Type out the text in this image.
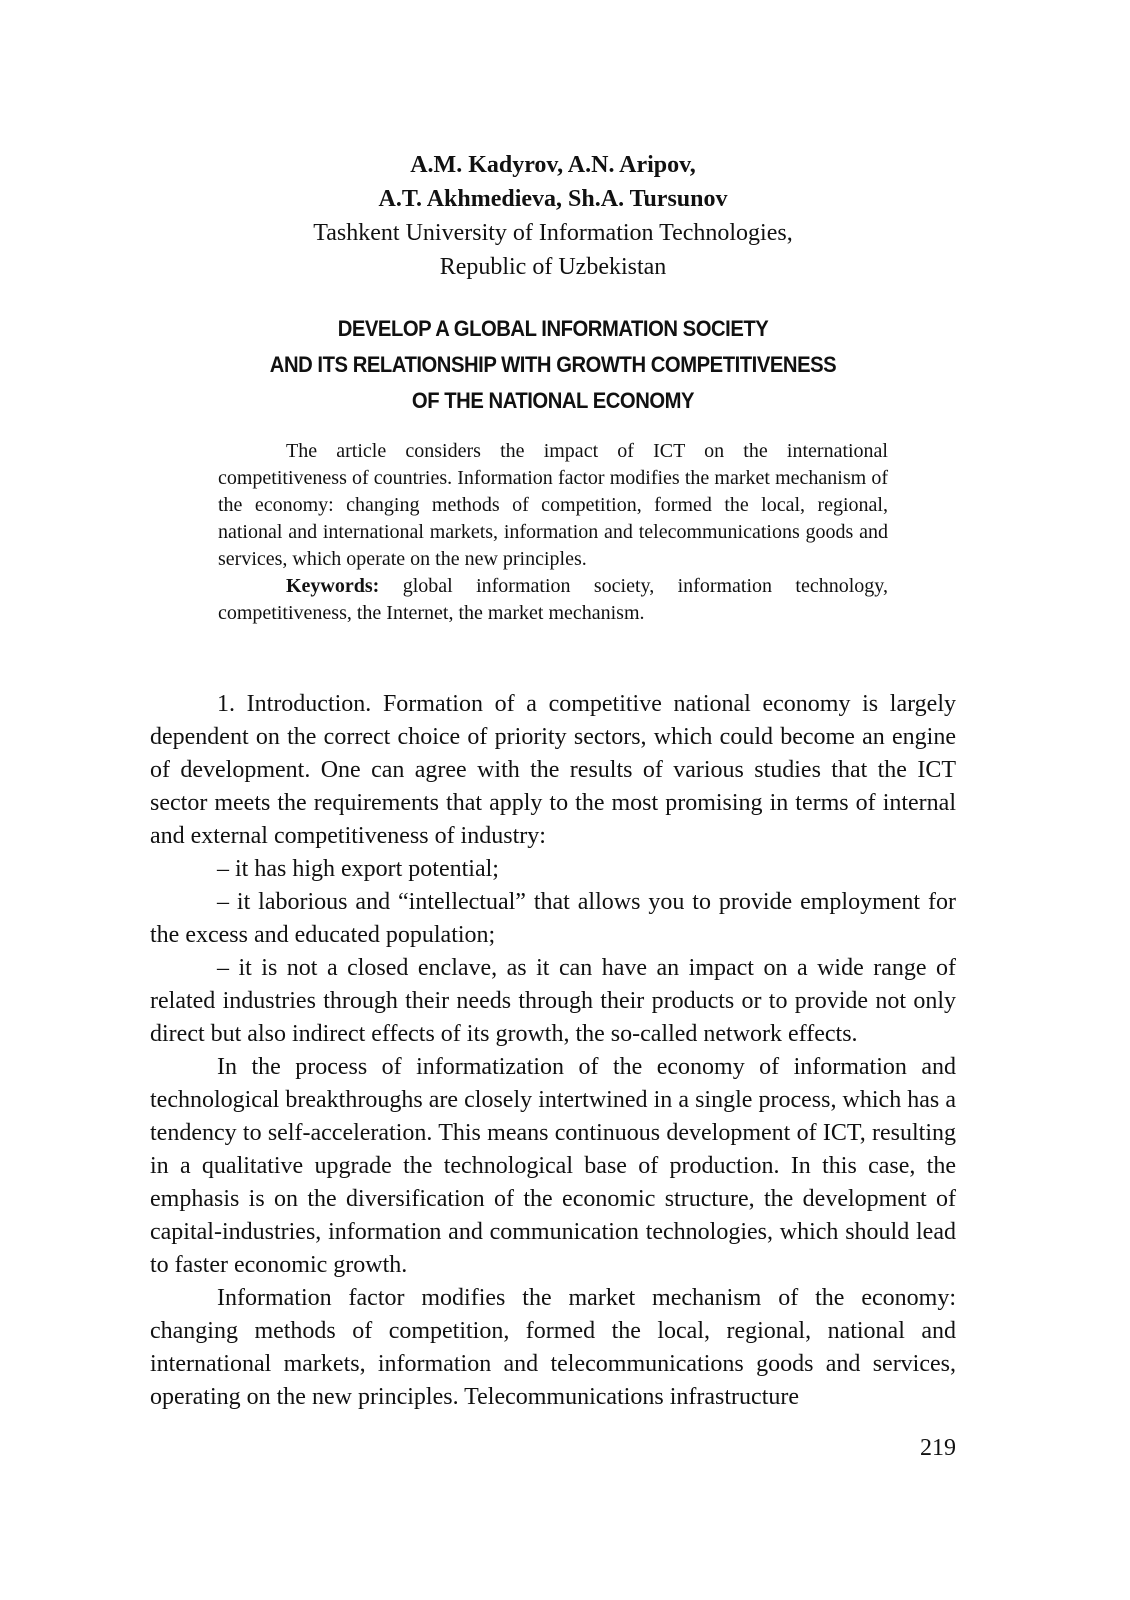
A.M. Kadyrov, A.N. Aripov,
A.T. Akhmedieva, Sh.A. Tursunov
Tashkent University of Information Technologies,
Republic of Uzbekistan
DEVELOP A GLOBAL INFORMATION SOCIETY
AND ITS RELATIONSHIP WITH GROWTH COMPETITIVENESS
OF THE NATIONAL ECONOMY

The article considers the impact of ICT on the international competitiveness of countries. Information factor modifies the market mechanism of the economy: changing methods of competition, formed the local, regional, national and international markets, information and telecommunications goods and services, which operate on the new principles.

Keywords: global information society, information technology, competitiveness, the Internet, the market mechanism.

1. Introduction. Formation of a competitive national economy is largely dependent on the correct choice of priority sectors, which could become an engine of development. One can agree with the results of various studies that the ICT sector meets the requirements that apply to the most promising in terms of internal and external competitiveness of industry:

– it has high export potential;

– it laborious and “intellectual” that allows you to provide employment for the excess and educated population;

– it is not a closed enclave, as it can have an impact on a wide range of related industries through their needs through their products or to provide not only direct but also indirect effects of its growth, the so-called network effects.

In the process of informatization of the economy of information and technological breakthroughs are closely intertwined in a single process, which has a tendency to self-acceleration. This means continuous development of ICT, resulting in a qualitative upgrade the technological base of production. In this case, the emphasis is on the diversification of the economic structure, the development of capital-industries, information and communication technologies, which should lead to faster economic growth.

Information factor modifies the market mechanism of the economy: changing methods of competition, formed the local, regional, national and international markets, information and telecommunications goods and services, operating on the new principles. Telecommunications infrastructure

219
